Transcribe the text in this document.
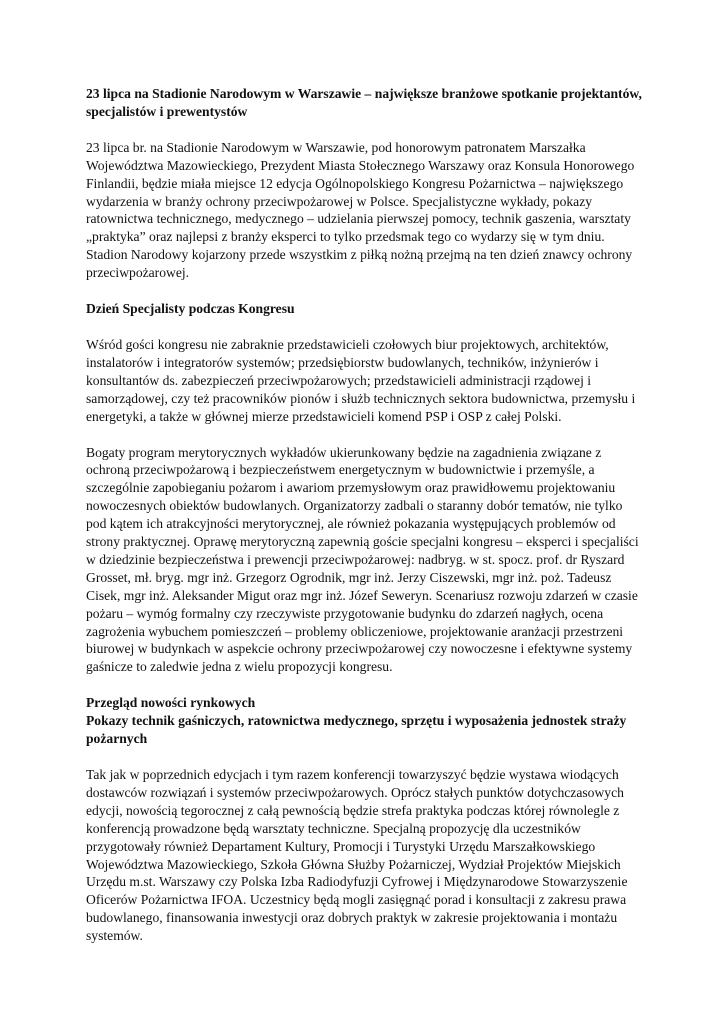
23 lipca na Stadionie Narodowym w Warszawie – największe branżowe spotkanie projektantów, specjalistów i prewentystów

23 lipca br. na Stadionie Narodowym w Warszawie, pod honorowym patronatem Marszałka Województwa Mazowieckiego, Prezydent Miasta Stołecznego Warszawy oraz Konsula Honorowego Finlandii, będzie miała miejsce 12 edycja Ogólnopolskiego Kongresu Pożarnictwa – największego wydarzenia w branży ochrony przeciwpożarowej w Polsce. Specjalistyczne wykłady, pokazy ratownictwa technicznego, medycznego – udzielania pierwszej pomocy, technik gaszenia, warsztaty „praktyka” oraz najlepsi z branży eksperci to tylko przedsmak tego co wydarzy się w tym dniu. Stadion Narodowy kojarzony przede wszystkim z piłką nożną przejmą na ten dzień znawcy ochrony przeciwpożarowej.

Dzień Specjalisty podczas Kongresu

Wśród gości kongresu nie zabraknie przedstawicieli czołowych biur projektowych, architektów, instalatorów i integratorów systemów; przedsiębiorstw budowlanych, techników, inżynierów i konsultantów ds. zabezpieczeń przeciwpożarowych; przedstawicieli administracji rządowej i samorządowej, czy też pracowników pionów i służb technicznych sektora budownictwa, przemysłu i energetyki, a także w głównej mierze przedstawicieli komend PSP i OSP z całej Polski.

Bogaty program merytorycznych wykładów ukierunkowany będzie na zagadnienia związane z ochroną przeciwpożarową i bezpieczeństwem energetycznym w budownictwie i przemyśle, a szczególnie zapobieganiu pożarom i awariom przemysłowym oraz prawidłowemu projektowaniu nowoczesnych obiektów budowlanych. Organizatorzy zadbali o staranny dobór tematów, nie tylko pod kątem ich atrakcyjności merytorycznej, ale również pokazania występujących problemów od strony praktycznej. Oprawę merytoryczną zapewnią goście specjalni kongresu – eksperci i specjaliści w dziedzinie bezpieczeństwa i prewencji przeciwpożarowej: nadbryg. w st. spocz. prof. dr Ryszard Grosset, mł. bryg. mgr inż. Grzegorz Ogrodnik, mgr inż. Jerzy Ciszewski, mgr inż. poż. Tadeusz Cisek, mgr inż. Aleksander Migut oraz mgr inż. Józef Seweryn. Scenariusz rozwoju zdarzeń w czasie pożaru – wymóg formalny czy rzeczywiste przygotowanie budynku do zdarzeń nagłych, ocena zagrożenia wybuchem pomieszczeń – problemy obliczeniowe, projektowanie aranżacji przestrzeni biurowej w budynkach w aspekcie ochrony przeciwpożarowej czy nowoczesne i efektywne systemy gaśnicze to zaledwie jedna z wielu propozycji kongresu.

Przegląd nowości rynkowych

Pokazy technik gaśniczych, ratownictwa medycznego, sprzętu i wyposażenia jednostek straży pożarnych

Tak jak w poprzednich edycjach i tym razem konferencji towarzyszyć będzie wystawa wiodących dostawców rozwiązań i systemów przeciwpożarowych. Oprócz stałych punktów dotychczasowych edycji, nowością tegorocznej z całą pewnością będzie strefa praktyka podczas której równolegle z konferencją prowadzone będą warsztaty techniczne. Specjalną propozycję dla uczestników przygotowały również Departament Kultury, Promocji i Turystyki Urzędu Marszałkowskiego Województwa Mazowieckiego, Szkoła Główna Służby Pożarniczej, Wydział Projektów Miejskich Urzędu m.st. Warszawy czy Polska Izba Radiodyfuzji Cyfrowej i Międzynarodowe Stowarzyszenie Oficerów Pożarnictwa IFOA. Uczestnicy będą mogli zasięgnąć porad i konsultacji z zakresu prawa budowlanego, finansowania inwestycji oraz dobrych praktyk w zakresie projektowania i montażu systemów.
